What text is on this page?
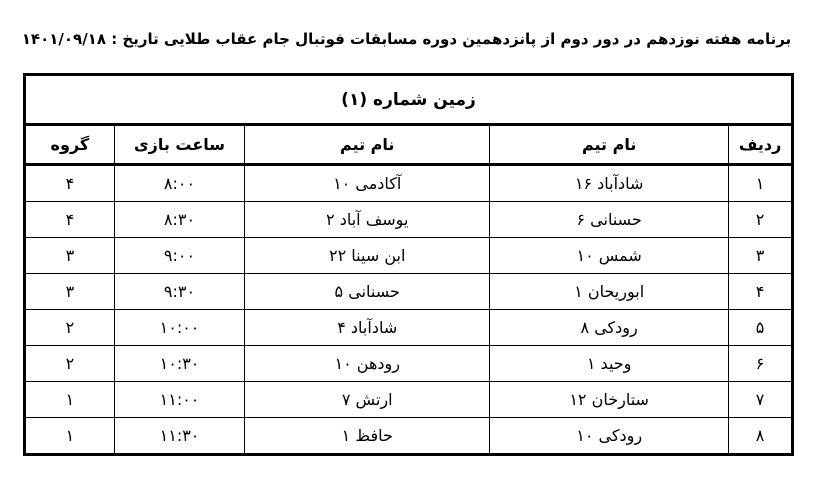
برنامه هفته نوزدهم در دور دوم از پانزدهمین دوره مسابقات فوتبال جام عقاب طلایی تاریخ : ۱۴۰۱/۰۹/۱۸
زمین شماره (۱)				
ردیف	نام تیم	نام تیم	ساعت بازی	گروه
۱	شادآباد ۱۶	آکادمی ۱۰	۸:۰۰	۴
۲	حسنانی ۶	یوسف آباد ۲	۸:۳۰	۴
۳	شمس ۱۰	ابن سینا ۲۲	۹:۰۰	۳
۴	ابوریحان ۱	حسنانی ۵	۹:۳۰	۳
۵	رودکی ۸	شادآباد ۴	۱۰:۰۰	۲
۶	وحید ۱	رودهن ۱۰	۱۰:۳۰	۲
۷	ستارخان ۱۲	ارتش ۷	۱۱:۰۰	۱
۸	رودکی ۱۰	حافظ ۱	۱۱:۳۰	۱
